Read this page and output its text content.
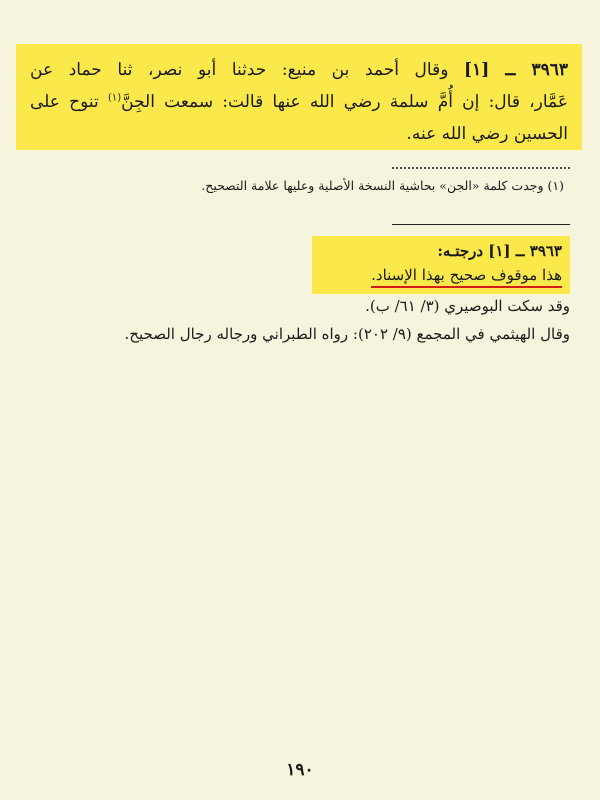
٣٩٦٣ ــ [١] وقال أحمد بن منيع: حدثنا أبو نصر، ثنا حماد عن
عَمَّار، قال: إن أُمَّ سلمة رضي الله عنها قالت: سمعت الجِنَّ$^{(١)}$ تنوح على
الحسين رضي الله عنه.
(١) وجدت كلمة «الجن» بحاشية النسخة الأصلية وعليها علامة التصحيح.
٣٩٦٣ ــ [١] درجتـه:
هذا موقوف صحيح بهذا الإسناد.
وقد سكت البوصيري (٣/ ٦١/ ب).
وقال الهيثمي في المجمع (٩/ ٢٠٢): رواه الطبراني ورجاله رجال الصحيح.
١٩٠
